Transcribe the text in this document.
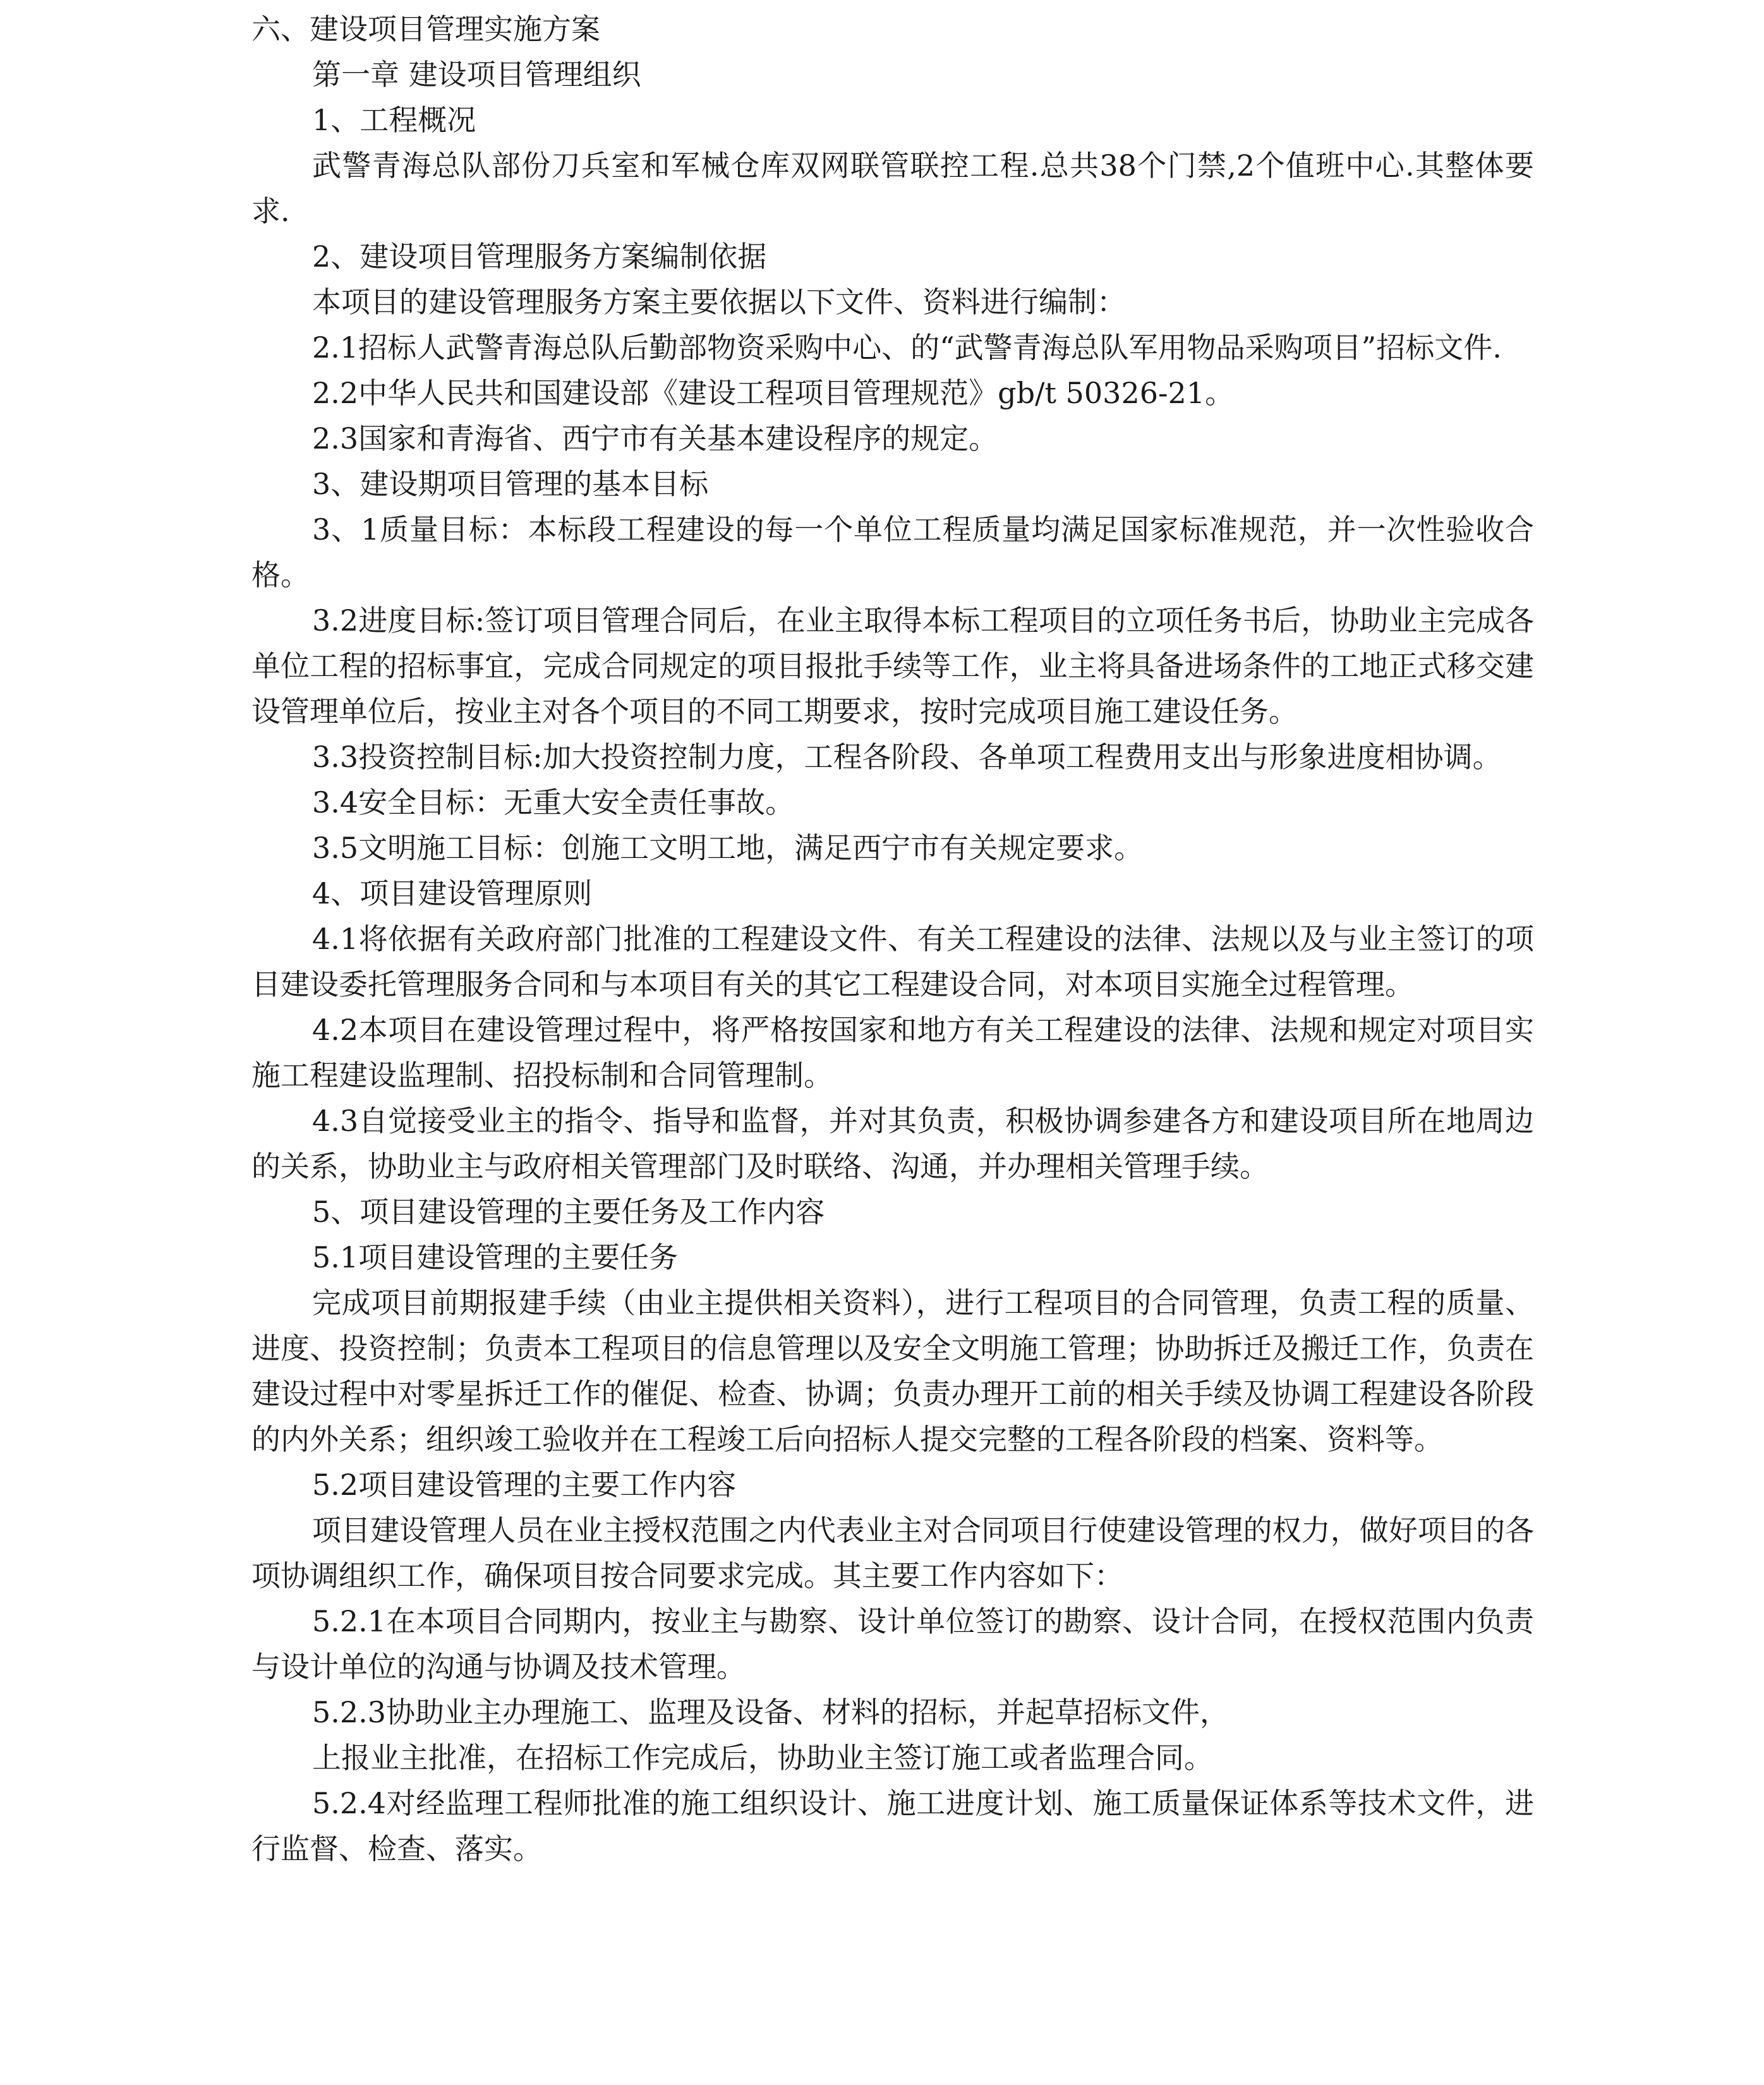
六、建设项目管理实施方案

第一章 建设项目管理组织

1、工程概况

武警青海总队部份刀兵室和军械仓库双网联管联控工程.总共38个门禁,2个值班中心.其整体要求.

2、建设项目管理服务方案编制依据

本项目的建设管理服务方案主要依据以下文件、资料进行编制：

2.1招标人武警青海总队后勤部物资采购中心、的“武警青海总队军用物品采购项目”招标文件.

2.2中华人民共和国建设部《建设工程项目管理规范》gb/t 50326-21。

2.3国家和青海省、西宁市有关基本建设程序的规定。

3、建设期项目管理的基本目标

3、1质量目标：本标段工程建设的每一个单位工程质量均满足国家标准规范，并一次性验收合格。

3.2进度目标:签订项目管理合同后，在业主取得本标工程项目的立项任务书后，协助业主完成各单位工程的招标事宜，完成合同规定的项目报批手续等工作，业主将具备进场条件的工地正式移交建设管理单位后，按业主对各个项目的不同工期要求，按时完成项目施工建设任务。

3.3投资控制目标:加大投资控制力度，工程各阶段、各单项工程费用支出与形象进度相协调。

3.4安全目标：无重大安全责任事故。

3.5文明施工目标：创施工文明工地，满足西宁市有关规定要求。

4、项目建设管理原则

4.1将依据有关政府部门批准的工程建设文件、有关工程建设的法律、法规以及与业主签订的项目建设委托管理服务合同和与本项目有关的其它工程建设合同，对本项目实施全过程管理。

4.2本项目在建设管理过程中，将严格按国家和地方有关工程建设的法律、法规和规定对项目实施工程建设监理制、招投标制和合同管理制。

4.3自觉接受业主的指令、指导和监督，并对其负责，积极协调参建各方和建设项目所在地周边的关系，协助业主与政府相关管理部门及时联络、沟通，并办理相关管理手续。

5、项目建设管理的主要任务及工作内容

5.1项目建设管理的主要任务

完成项目前期报建手续（由业主提供相关资料），进行工程项目的合同管理，负责工程的质量、进度、投资控制；负责本工程项目的信息管理以及安全文明施工管理；协助拆迁及搬迁工作，负责在建设过程中对零星拆迁工作的催促、检查、协调；负责办理开工前的相关手续及协调工程建设各阶段的内外关系；组织竣工验收并在工程竣工后向招标人提交完整的工程各阶段的档案、资料等。

5.2项目建设管理的主要工作内容

项目建设管理人员在业主授权范围之内代表业主对合同项目行使建设管理的权力，做好项目的各项协调组织工作，确保项目按合同要求完成。其主要工作内容如下：

5.2.1在本项目合同期内，按业主与勘察、设计单位签订的勘察、设计合同，在授权范围内负责与设计单位的沟通与协调及技术管理。

5.2.3协助业主办理施工、监理及设备、材料的招标，并起草招标文件，

上报业主批准，在招标工作完成后，协助业主签订施工或者监理合同。

5.2.4对经监理工程师批准的施工组织设计、施工进度计划、施工质量保证体系等技术文件，进行监督、检查、落实。
